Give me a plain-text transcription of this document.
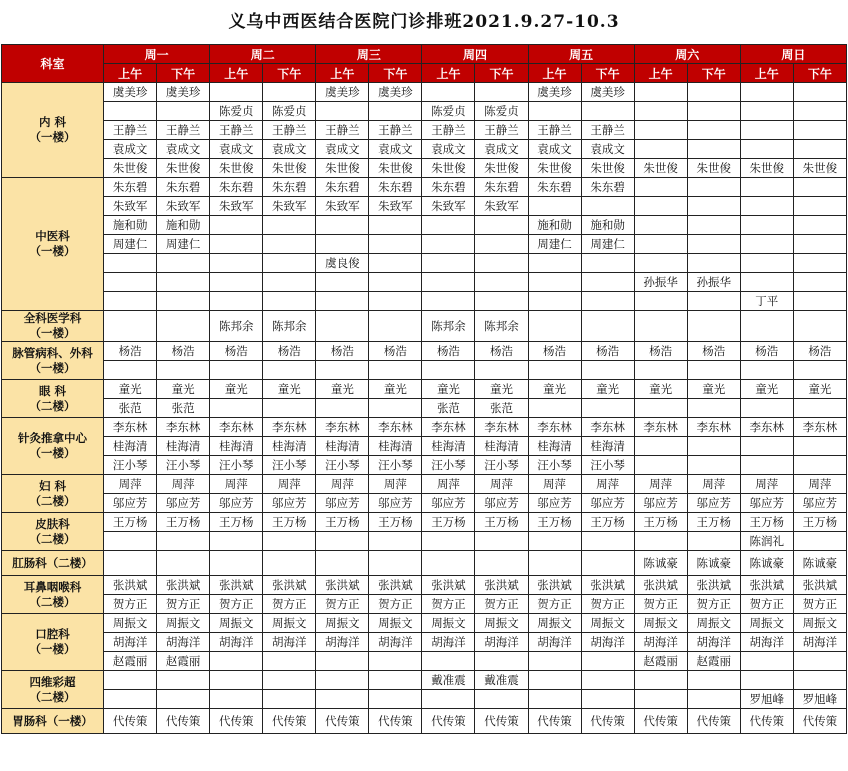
义乌中西医结合医院门诊排班2021.9.27-10.3
科室	周一		周二		周三		周四		周五		周六		周日	
	上午	下午	上午	下午	上午	下午	上午	下午	上午	下午	上午	下午	上午	下午

内 科
（一楼）	虞美珍	虞美珍			虞美珍	虞美珍			虞美珍	虞美珍				
			陈爱贞	陈爱贞			陈爱贞	陈爱贞						
	王静兰	王静兰	王静兰	王静兰	王静兰	王静兰	王静兰	王静兰	王静兰	王静兰				
	袁成文	袁成文	袁成文	袁成文	袁成文	袁成文	袁成文	袁成文	袁成文	袁成文				
	朱世俊	朱世俊	朱世俊	朱世俊	朱世俊	朱世俊	朱世俊	朱世俊	朱世俊	朱世俊	朱世俊	朱世俊	朱世俊	朱世俊

中医科
（一楼）	朱东碧	朱东碧	朱东碧	朱东碧	朱东碧	朱东碧	朱东碧	朱东碧	朱东碧	朱东碧				
	朱致军	朱致军	朱致军	朱致军	朱致军	朱致军	朱致军	朱致军						
	施和勋	施和勋							施和勋	施和勋				
	周建仁	周建仁							周建仁	周建仁				
					虞良俊									
											孙振华	孙振华		
													丁平	

全科医学科
（一楼）			陈邦余	陈邦余			陈邦余	陈邦余						

脉管病科、外科
（一楼）	杨浩	杨浩	杨浩	杨浩	杨浩	杨浩	杨浩	杨浩	杨浩	杨浩	杨浩	杨浩	杨浩	杨浩

眼 科
（二楼）	童光	童光	童光	童光	童光	童光	童光	童光	童光	童光	童光	童光	童光	童光
	张范	张范					张范	张范						

针灸推拿中心
（一楼）	李东林	李东林	李东林	李东林	李东林	李东林	李东林	李东林	李东林	李东林	李东林	李东林	李东林	李东林
	桂海清	桂海清	桂海清	桂海清	桂海清	桂海清	桂海清	桂海清	桂海清	桂海清				
	汪小琴	汪小琴	汪小琴	汪小琴	汪小琴	汪小琴	汪小琴	汪小琴	汪小琴	汪小琴				

妇 科
（二楼）	周萍	周萍	周萍	周萍	周萍	周萍	周萍	周萍	周萍	周萍	周萍	周萍	周萍	周萍
	邬应芳	邬应芳	邬应芳	邬应芳	邬应芳	邬应芳	邬应芳	邬应芳	邬应芳	邬应芳	邬应芳	邬应芳	邬应芳	邬应芳

皮肤科
（二楼）	王万杨	王万杨	王万杨	王万杨	王万杨	王万杨	王万杨	王万杨	王万杨	王万杨	王万杨	王万杨	王万杨	王万杨
													陈润礼	

肛肠科（二楼）											陈诚豪	陈诚豪	陈诚豪	陈诚豪

耳鼻咽喉科
（二楼）	张洪斌	张洪斌	张洪斌	张洪斌	张洪斌	张洪斌	张洪斌	张洪斌	张洪斌	张洪斌	张洪斌	张洪斌	张洪斌	张洪斌
	贺方正	贺方正	贺方正	贺方正	贺方正	贺方正	贺方正	贺方正	贺方正	贺方正	贺方正	贺方正	贺方正	贺方正

口腔科
（一楼）	周振文	周振文	周振文	周振文	周振文	周振文	周振文	周振文	周振文	周振文	周振文	周振文	周振文	周振文
	胡海洋	胡海洋	胡海洋	胡海洋	胡海洋	胡海洋	胡海洋	胡海洋	胡海洋	胡海洋	胡海洋	胡海洋	胡海洋	胡海洋
	赵霞丽	赵霞丽									赵霞丽	赵霞丽		

四维彩超
（二楼）							戴准震	戴准震						
													罗旭峰	罗旭峰

胃肠科（一楼）	代传策	代传策	代传策	代传策	代传策	代传策	代传策	代传策	代传策	代传策	代传策	代传策	代传策	代传策
